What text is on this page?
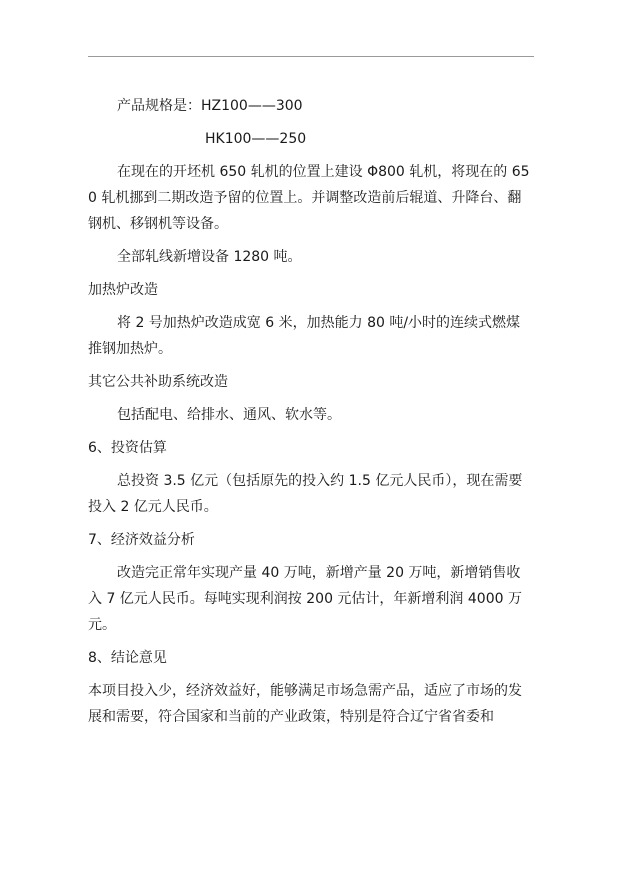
产品规格是：HZ100——300

HK100——250

在现在的开坯机 650 轧机的位置上建设 Φ800 轧机，将现在的 650 轧机挪到二期改造予留的位置上。并调整改造前后辊道、升降台、翻钢机、移钢机等设备。

全部轧线新增设备 1280 吨。

加热炉改造

将 2 号加热炉改造成宽 6 米，加热能力 80 吨/小时的连续式燃煤推钢加热炉。

其它公共补助系统改造

包括配电、给排水、通风、软水等。

6、投资估算

总投资 3.5 亿元（包括原先的投入约 1.5 亿元人民币），现在需要投入 2 亿元人民币。

7、经济效益分析

改造完正常年实现产量 40 万吨，新增产量 20 万吨，新增销售收入 7 亿元人民币。每吨实现利润按 200 元估计，年新增利润 4000 万元。

8、结论意见

本项目投入少，经济效益好，能够满足市场急需产品，适应了市场的发展和需要，符合国家和当前的产业政策，特别是符合辽宁省省委和
